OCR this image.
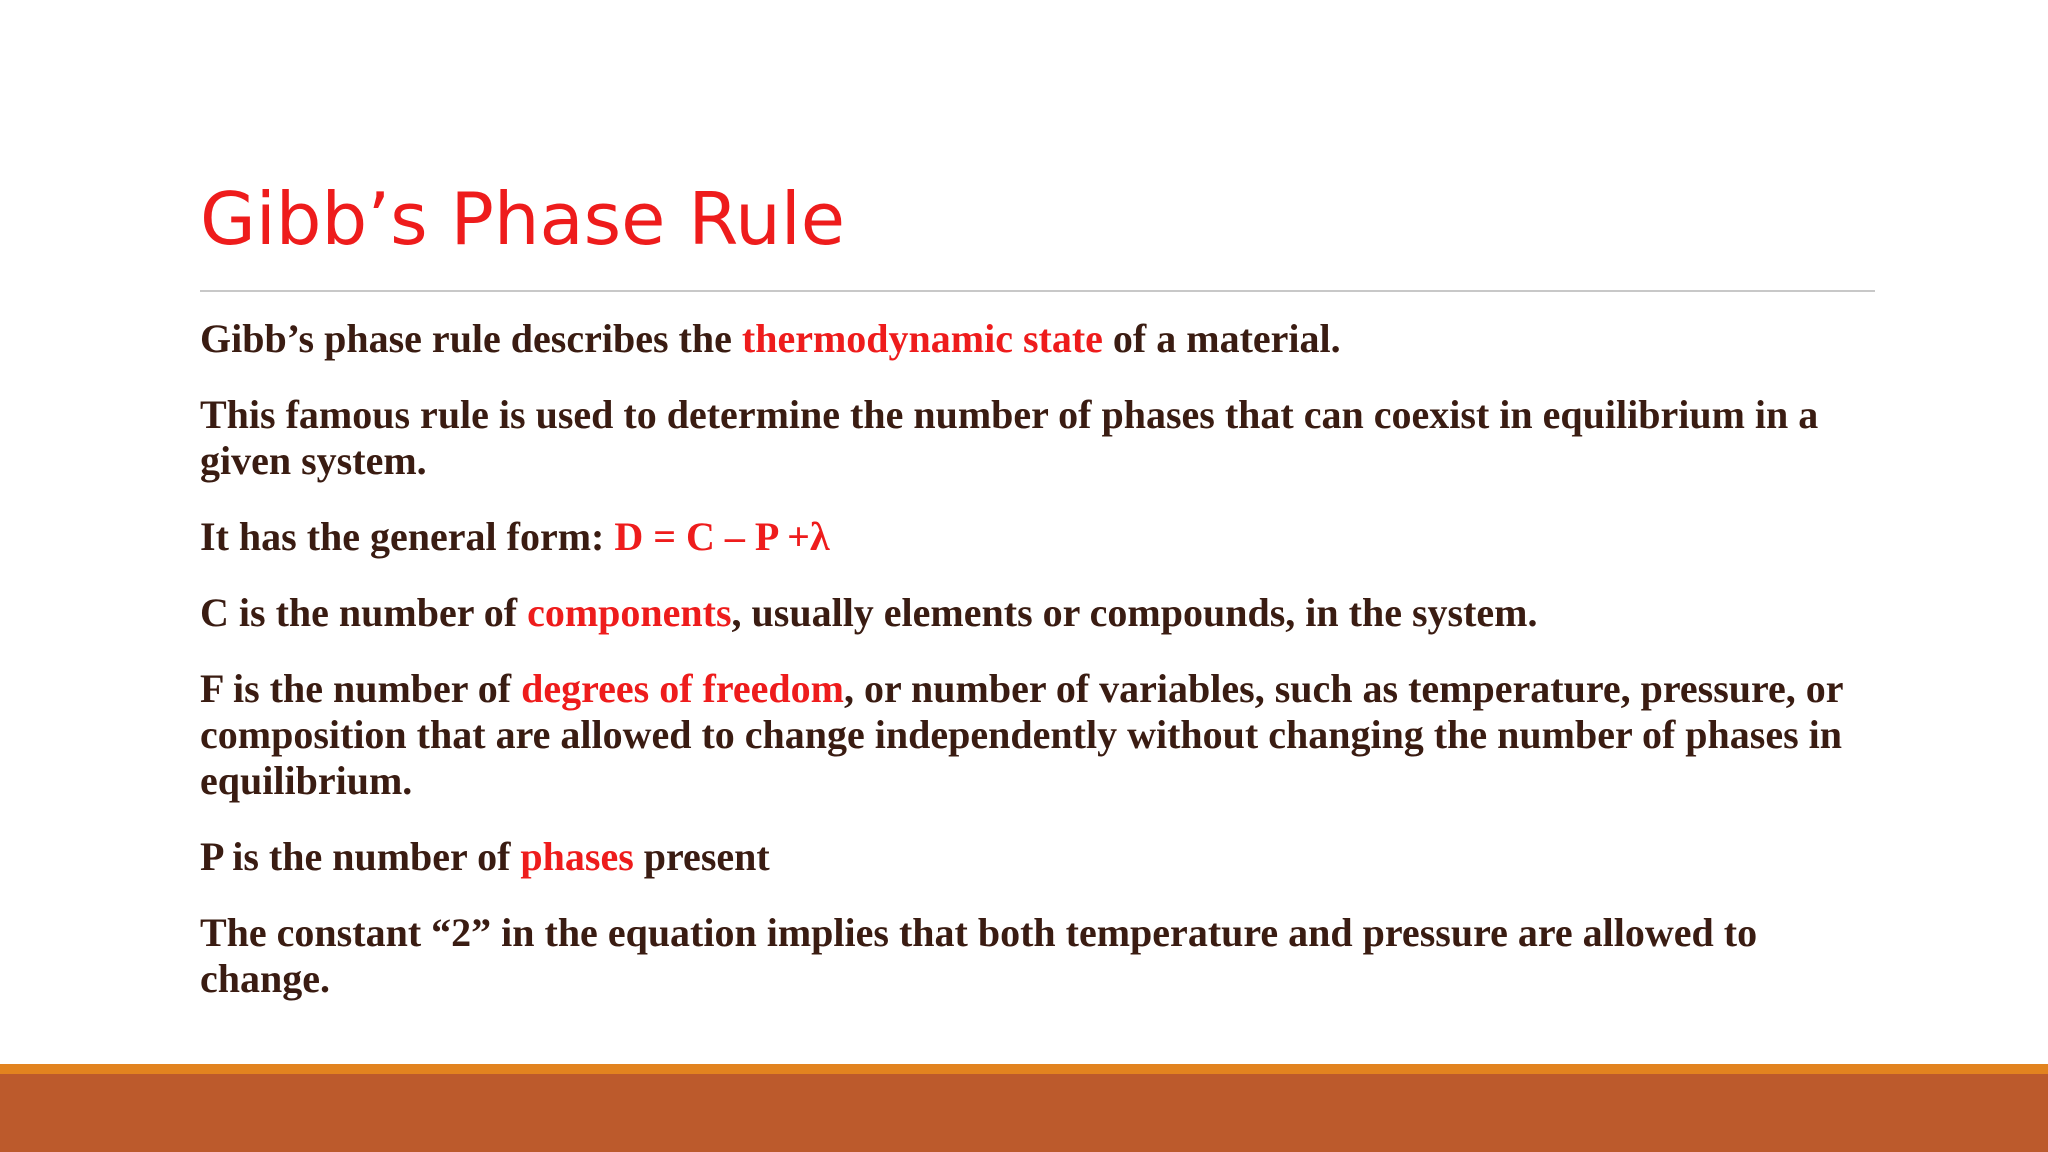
Gibb’s Phase Rule

Gibb’s phase rule describes the thermodynamic state of a material.

This famous rule is used to determine the number of phases that can coexist in equilibrium in a given system.

It has the general form: D = C – P +λ

C is the number of components, usually elements or compounds, in the system.

F is the number of degrees of freedom, or number of variables, such as temperature, pressure, or composition that are allowed to change independently without changing the number of phases in equilibrium.

P is the number of phases present

The constant “2” in the equation implies that both temperature and pressure are allowed to change.
